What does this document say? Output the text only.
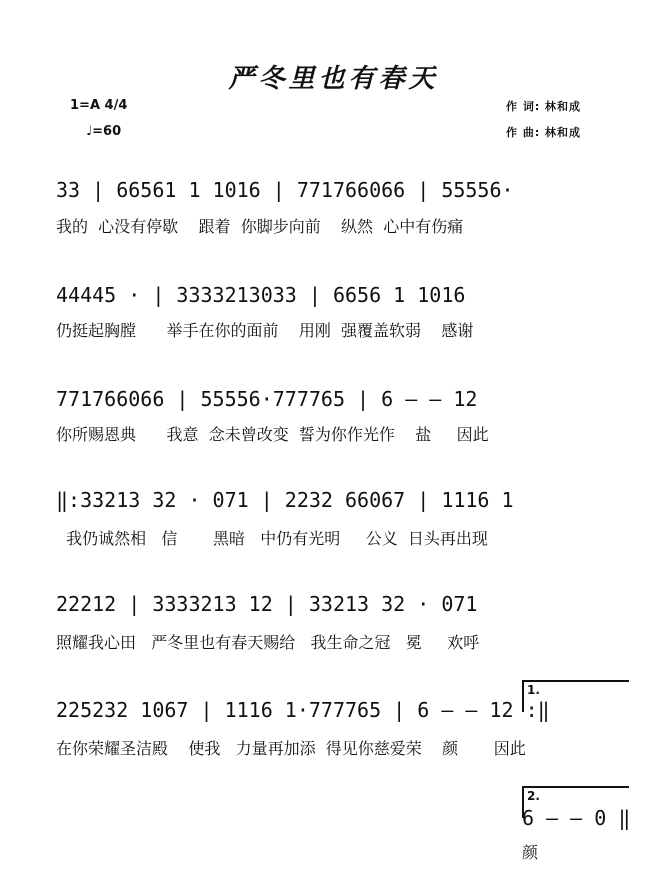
严冬里也有春天
1=A 4/4
♩=60
作 词: 林和成
作 曲: 林和成
33 | 66561 1 1016 | 771766066 | 55556·
我的  心没有停歇    跟着  你脚步向前    纵然  心中有伤痛
44445 · | 3333213033 | 6656 1 1016
仍挺起胸膛      举手在你的面前    用刚  强覆盖软弱    感谢
771766066 | 55556·777765 | 6 — — 12
你所赐恩典      我意  念未曾改变  誓为你作光作    盐     因此
‖:33213 32 · 071 | 2232 66067 | 1116 1
我仍诚然相   信       黑暗   中仍有光明     公义  日头再出现
22212 | 3333213 12 | 33213 32 · 071
照耀我心田   严冬里也有春天赐给   我生命之冠   冕     欢呼
225232 1067 | 1116 1·777765 | 6 — — 12 :‖
在你荣耀圣洁殿    使我   力量再加添  得见你慈爱荣    颜       因此
1.
2.
6 — — 0 ‖
颜
